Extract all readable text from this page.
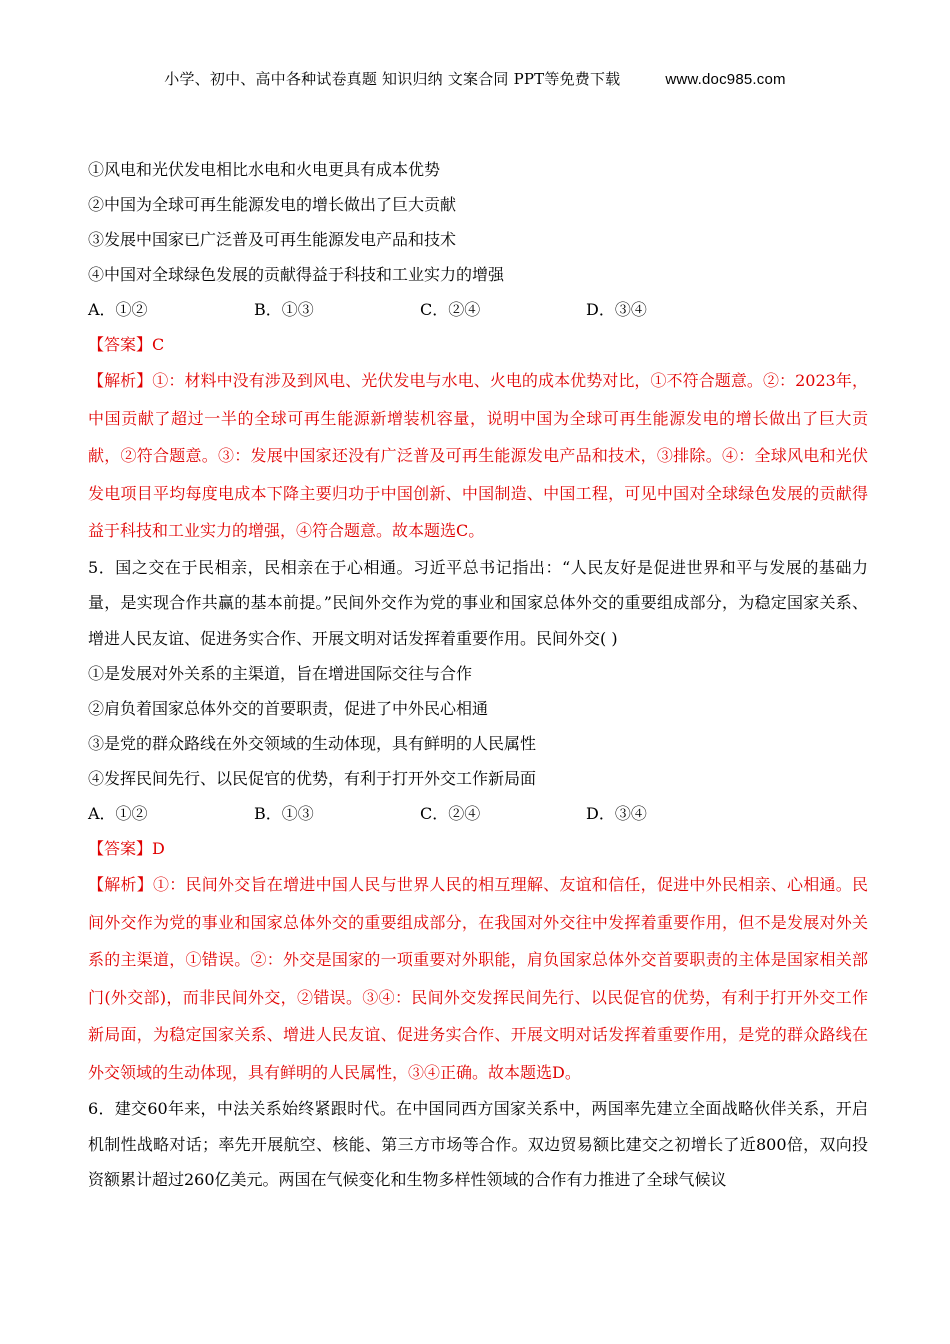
小学、初中、高中各种试卷真题 知识归纳 文案合同 PPT等免费下载	www.doc985.com
①风电和光伏发电相比水电和火电更具有成本优势
②中国为全球可再生能源发电的增长做出了巨大贡献
③发展中国家已广泛普及可再生能源发电产品和技术
④中国对全球绿色发展的贡献得益于科技和工业实力的增强
A．①②	B．①③	C．②④	D．③④
【答案】C
【解析】①：材料中没有涉及到风电、光伏发电与水电、火电的成本优势对比，①不符合题意。②：2023年，中国贡献了超过一半的全球可再生能源新增装机容量，说明中国为全球可再生能源发电的增长做出了巨大贡献，②符合题意。③：发展中国家还没有广泛普及可再生能源发电产品和技术，③排除。④：全球风电和光伏发电项目平均每度电成本下降主要归功于中国创新、中国制造、中国工程，可见中国对全球绿色发展的贡献得益于科技和工业实力的增强，④符合题意。故本题选C。
5．国之交在于民相亲，民相亲在于心相通。习近平总书记指出：“人民友好是促进世界和平与发展的基础力量，是实现合作共赢的基本前提。”民间外交作为党的事业和国家总体外交的重要组成部分，为稳定国家关系、增进人民友谊、促进务实合作、开展文明对话发挥着重要作用。民间外交( )
①是发展对外关系的主渠道，旨在增进国际交往与合作
②肩负着国家总体外交的首要职责，促进了中外民心相通
③是党的群众路线在外交领域的生动体现，具有鲜明的人民属性
④发挥民间先行、以民促官的优势，有利于打开外交工作新局面
A．①②	B．①③	C．②④	D．③④
【答案】D
【解析】①：民间外交旨在增进中国人民与世界人民的相互理解、友谊和信任，促进中外民相亲、心相通。民间外交作为党的事业和国家总体外交的重要组成部分，在我国对外交往中发挥着重要作用，但不是发展对外关系的主渠道，①错误。②：外交是国家的一项重要对外职能，肩负国家总体外交首要职责的主体是国家相关部门(外交部)，而非民间外交，②错误。③④：民间外交发挥民间先行、以民促官的优势，有利于打开外交工作新局面，为稳定国家关系、增进人民友谊、促进务实合作、开展文明对话发挥着重要作用，是党的群众路线在外交领域的生动体现，具有鲜明的人民属性，③④正确。故本题选D。
6．建交60年来，中法关系始终紧跟时代。在中国同西方国家关系中，两国率先建立全面战略伙伴关系，开启机制性战略对话；率先开展航空、核能、第三方市场等合作。双边贸易额比建交之初增长了近800倍，双向投资额累计超过260亿美元。两国在气候变化和生物多样性领域的合作有力推进了全球气候议
